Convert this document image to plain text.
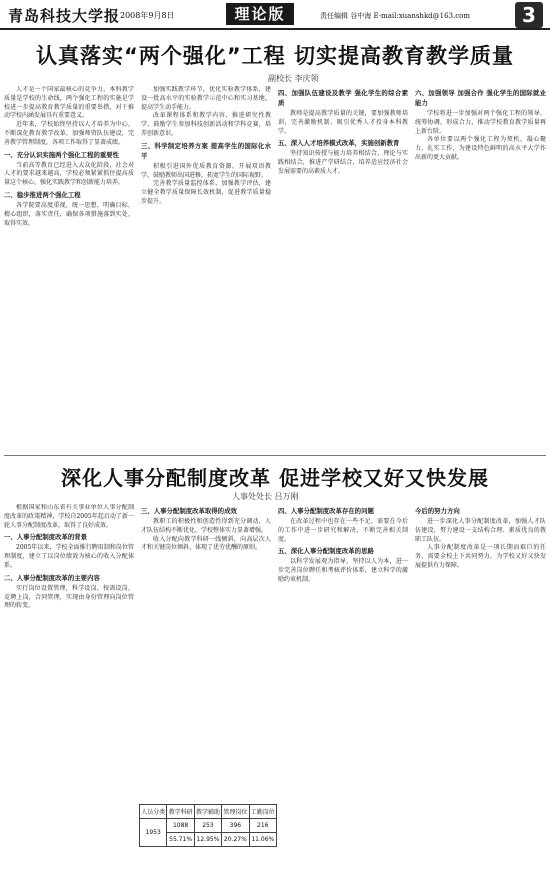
青岛科技大学报 2008年9月8日	理论版	责任编辑 谷中海 E-mail:xuanshkd@163.com	3
认真落实“两个强化”工程 切实提高教育教学质量
副校长 李庆领

人才是一个国家最核心的竞争力，本科教学质量是学校的生命线，两个强化工程的实施是学校进一步提高教育教学质量的重要举措，对于推动学校内涵发展具有重要意义。

近年来，学校始终坚持以人才培养为中心，不断深化教育教学改革，加强师资队伍建设，完善教学管理制度，各项工作取得了显著成绩。

一、充分认识实施两个强化工程的重要性

当前高等教育已经进入大众化阶段，社会对人才的要求越来越高，学校必须紧紧抓住提高质量这个核心，强化实践教学和创新能力培养。

二、稳步推进两个强化工程

各学院要高度重视，统一思想，明确目标，精心组织，落实责任，确保各项措施落到实处，取得实效。

加强实践教学环节，优化实验教学体系，建设一批高水平的实验教学示范中心和实习基地，提高学生动手能力。

改革课程体系和教学内容，推进研究性教学，鼓励学生参加科技创新活动和学科竞赛，培养创新意识。

三、科学制定培养方案 提高学生的国际化水平

积极引进国外优质教育资源，开展双语教学，鼓励教师出国进修，拓宽学生的国际视野。

完善教学质量监控体系，加强教学评估，建立健全教学质量保障长效机制，促进教学质量稳步提升。

四、加强队伍建设及教学 强化学生的综合素质

教师是提高教学质量的关键，要加强教师培训，完善激励机制，吸引优秀人才投身本科教学。

五、深入人才培养模式改革，实施创新教育

坚持知识传授与能力培养相结合，理论与实践相结合，推进产学研结合，培养适应经济社会发展需要的高素质人才。

六、加强领导 加强合作 强化学生的国际就业能力

学校将进一步加强对两个强化工程的领导，统筹协调，形成合力，推动学校教育教学质量再上新台阶。

各单位要以两个强化工程为契机，凝心聚力，扎实工作，为建设特色鲜明的高水平大学作出新的更大贡献。

深化人事分配制度改革 促进学校又好又快发展
人事处处长 吕万刚

根据国家和山东省有关事业单位人事分配制度改革的政策精神，学校自2005年起启动了新一轮人事分配制度改革，取得了良好成效。

一、人事分配制度改革的背景

2005年以来，学校全面推行聘用制和岗位管理制度，建立了以岗位绩效为核心的收入分配体系。

二、人事分配制度改革的主要内容

实行岗位设置管理，科学设岗，按需设岗，竞聘上岗，合同管理，实现由身份管理向岗位管理的转变。

三、人事分配制度改革取得的成效

教职工的积极性和创造性得到充分调动，人才队伍结构不断优化，学校整体实力显著增强。

收入分配向教学科研一线倾斜，向高层次人才和关键岗位倾斜，体现了优劳优酬的原则。

四、人事分配制度改革存在的问题

在改革过程中也存在一些不足，需要在今后的工作中进一步研究和解决，不断完善相关制度。

五、深化人事分配制度改革的思路

以科学发展观为指导，坚持以人为本，进一步完善岗位聘任和考核评价体系，建立科学的激励约束机制。

今后的努力方向

进一步深化人事分配制度改革，加强人才队伍建设，努力建设一支结构合理、素质优良的教职工队伍。

人事分配制度改革是一项长期而艰巨的任务，需要全校上下共同努力，为学校又好又快发展提供有力保障。

人员分类	教学科研	教学辅助	管理岗位	工勤岗位
1953	1088	253	396	216
	55.71%	12.95%	20.27%	11.06%
